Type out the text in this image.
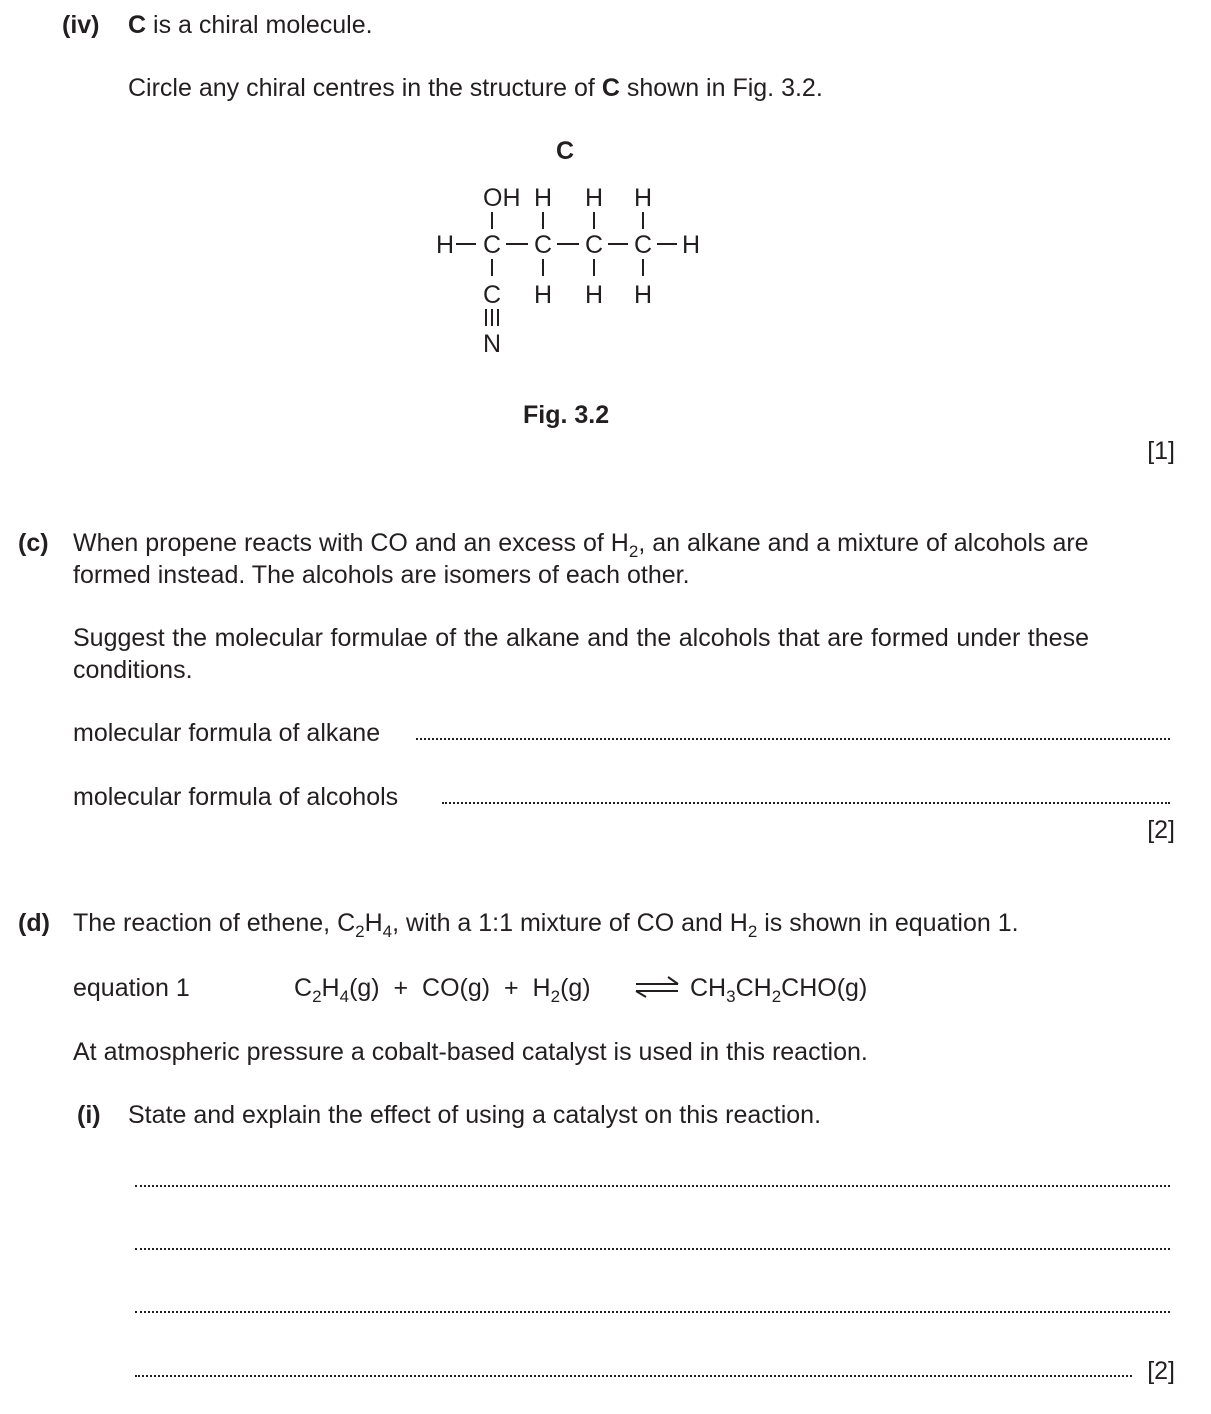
(iv) C is a chiral molecule.
Circle any chiral centres in the structure of C shown in Fig. 3.2.
C
OH H H H
H C C C C H
C H H H
N
Fig. 3.2
[1]
(c) When propene reacts with CO and an excess of $H_2$, an alkane and a mixture of alcohols are
formed instead. The alcohols are isomers of each other.
Suggest the molecular formulae of the alkane and the alcohols that are formed under these
conditions.
molecular formula of alkane
molecular formula of alcohols
[2]
(d) The reaction of ethene, $C_2H_4$, with a 1:1 mixture of CO and $H_2$ is shown in equation 1.
equation 1	$C_2H_4(g) + CO(g) + H_2(g)$ ⇌ $CH_3CH_2CHO(g)$
At atmospheric pressure a cobalt-based catalyst is used in this reaction.
(i) State and explain the effect of using a catalyst on this reaction.
[2]
